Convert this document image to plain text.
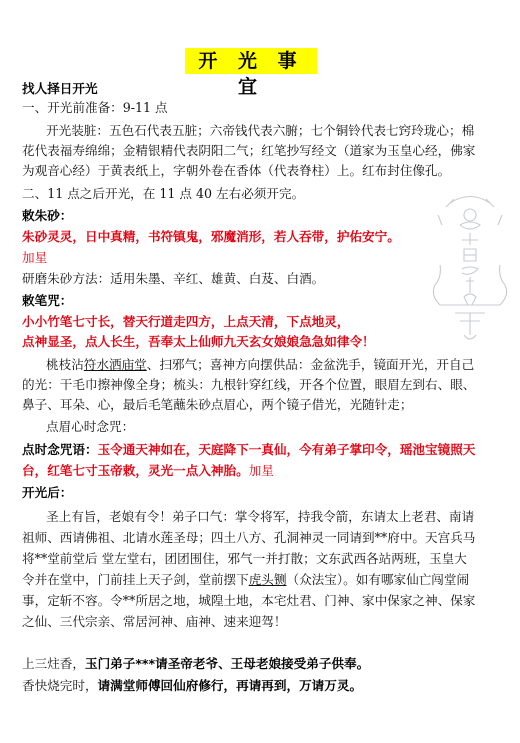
开 光 事 宜
找人择日开光
一、开光前准备：9-11 点
开光装脏：五色石代表五脏；六帝钱代表六腑；七个铜铃代表七窍玲珑心；棉
花代表福寿绵绵；金精银精代表阴阳二气；红笔抄写经文（道家为玉皇心经，佛家
为观音心经）于黄表纸上，字朝外卷在香体（代表脊柱）上。红布封住像孔。
二、11 点之后开光，在 11 点 40 左右必须开完。
敕朱砂：
朱砂灵灵，日中真精，书符镇鬼，邪魔消形，若人吞带，护佑安宁。
加星
研磨朱砂方法：适用朱墨、辛红、雄黄、白芨、白酒。
敕笔咒：
小小竹笔七寸长，替天行道走四方，上点天清，下点地灵，
点神显圣，点人长生，吾奉太上仙师九天玄女娘娘急急如律令！
桃枝沾符水洒庙堂、扫邪气；喜神方向摆供品：金盆洗手，镜面开光，开自己
的光：干毛巾擦神像全身；梳头：九根针穿红线，开各个位置，眼眉左到右、眼、
鼻子、耳朵、心，最后毛笔蘸朱砂点眉心，两个镜子借光，光随针走；
点眉心时念咒：
点时念咒语：玉令通天神如在，天庭降下一真仙，今有弟子掌印令，瑶池宝镜照天
台，红笔七寸玉帝敕，灵光一点入神胎。加星
开光后：
圣上有旨，老娘有令！弟子口气：掌令将军，持我令箭，东请太上老君、南请
祖师、西请佛祖、北请水莲圣母；四土八方、孔洞神灵一同请到**府中。天宫兵马
将**堂前堂后 堂左堂右，团团围住，邪气一并打散；文东武西各站两班，玉皇大
令并在堂中，门前挂上天子剑，堂前摆下虎头铡（众法宝）。如有哪家仙亡闯堂闹
事，定斩不容。令**所居之地，城隍土地，本宅灶君、门神、家中保家之神、保家
之仙、三代宗亲、常居河神、庙神、速来迎驾！
上三炷香，玉门弟子***请圣帝老爷、王母老娘接受弟子供奉。
香快烧完时，请满堂师傅回仙府修行，再请再到，万请万灵。
